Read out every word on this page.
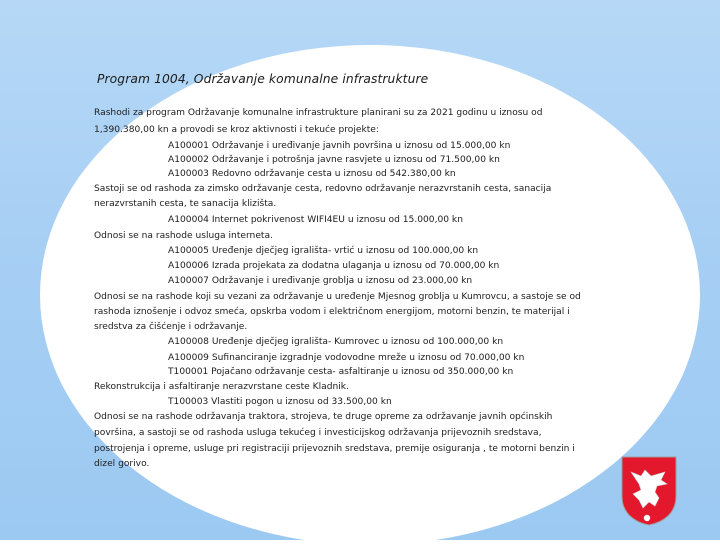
Program 1004, Održavanje komunalne infrastrukture
Rashodi za program Održavanje komunalne infrastrukture planirani su za 2021 godinu u iznosu od
1,390.380,00 kn a provodi se kroz aktivnosti i tekuće projekte:
A100001 Održavanje i uređivanje javnih površina u iznosu od 15.000,00 kn
A100002 Održavanje i potrošnja javne rasvjete u iznosu od 71.500,00 kn
A100003 Redovno održavanje cesta u iznosu od 542.380,00 kn
Sastoji se od rashoda za zimsko održavanje cesta, redovno održavanje nerazvrstanih cesta, sanacija
nerazvrstanih cesta, te sanacija klizišta.
A100004 Internet pokrivenost WIFI4EU u iznosu od 15.000,00 kn
Odnosi se na rashode usluga interneta.
A100005 Uređenje dječjeg igrališta- vrtić u iznosu od 100.000,00 kn
A100006 Izrada projekata za dodatna ulaganja u iznosu od 70.000,00 kn
A100007 Održavanje i uređivanje groblja u iznosu od 23.000,00 kn
Odnosi se na rashode koji su vezani za održavanje u uređenje Mjesnog groblja u Kumrovcu, a sastoje se od
rashoda iznošenje i odvoz smeća, opskrba vodom i električnom energijom, motorni benzin, te materijal i
sredstva za čišćenje i održavanje.
A100008 Uređenje dječjeg igrališta- Kumrovec u iznosu od 100.000,00 kn
A100009 Sufinanciranje izgradnje vodovodne mreže u iznosu od 70.000,00 kn
T100001 Pojačano održavanje cesta- asfaltiranje u iznosu od 350.000,00 kn
Rekonstrukcija i asfaltiranje nerazvrstane ceste Kladnik.
T100003 Vlastiti pogon u iznosu od 33.500,00 kn
Odnosi se na rashode održavanja traktora, strojeva, te druge opreme za održavanje javnih općinskih
površina, a sastoji se od rashoda usluga tekućeg i investicijskog održavanja prijevoznih sredstava,
postrojenja i opreme, usluge pri registraciji prijevoznih sredstava, premije osiguranja , te motorni benzin i
dizel gorivo.
